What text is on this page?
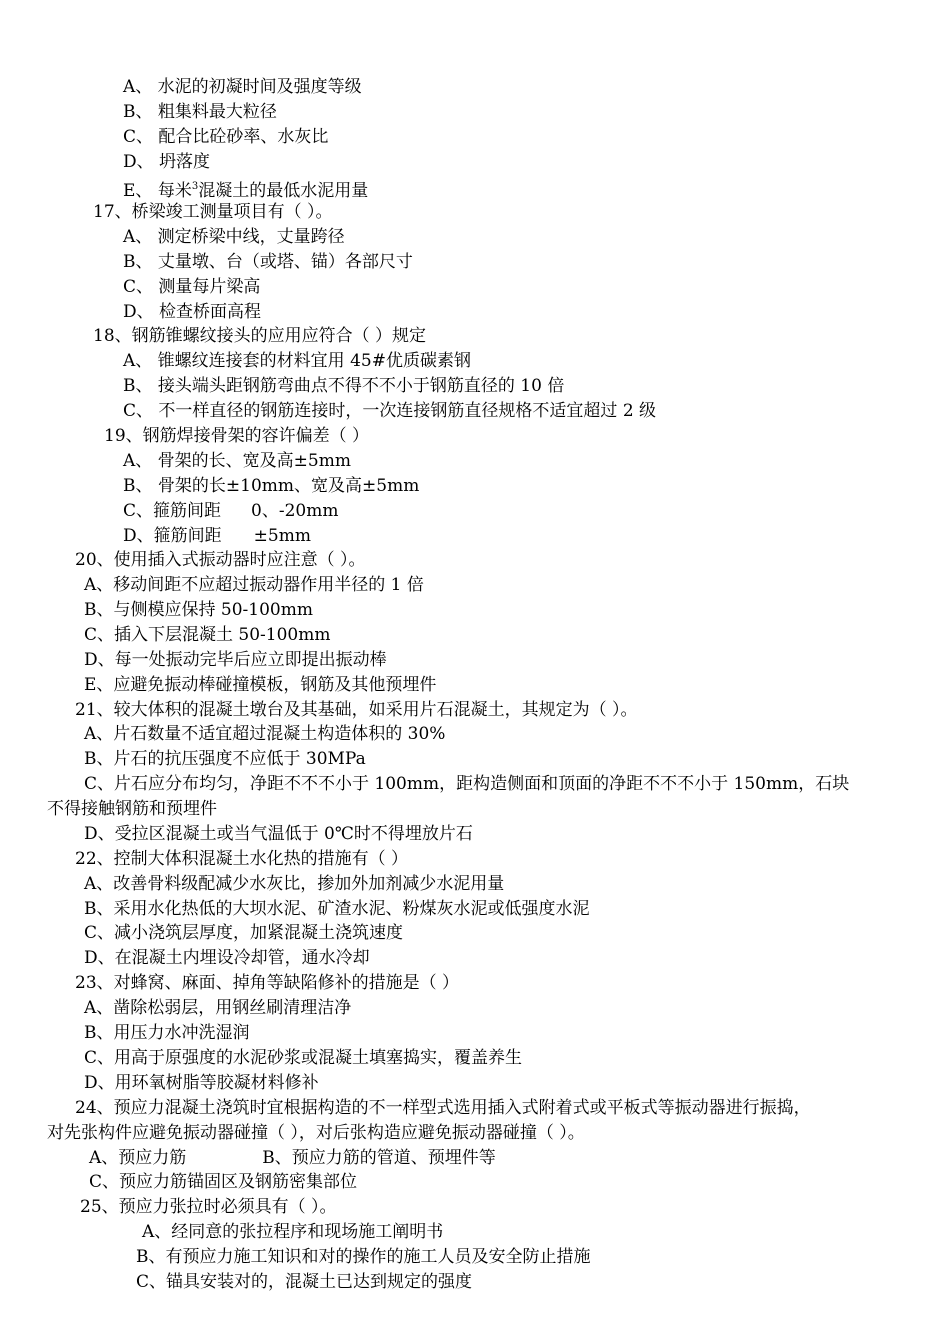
A、 水泥的初凝时间及强度等级
B、 粗集料最大粒径
C、 配合比砼砂率、水灰比
D、 坍落度
E、 每米$^3$混凝土的最低水泥用量
17、桥梁竣工测量项目有（ ）。
A、 测定桥梁中线，丈量跨径
B、 丈量墩、台（或塔、锚）各部尺寸
C、 测量每片梁高
D、 检查桥面高程
18、钢筋锥螺纹接头的应用应符合（ ）规定
A、 锥螺纹连接套的材料宜用 45#优质碳素钢
B、 接头端头距钢筋弯曲点不得不不小于钢筋直径的 10 倍
C、 不一样直径的钢筋连接时，一次连接钢筋直径规格不适宜超过 2 级
19、钢筋焊接骨架的容许偏差（ ）
A、 骨架的长、宽及高±5mm
B、 骨架的长±10mm、宽及高±5mm
C、箍筋间距 0、-20mm
D、箍筋间距 ±5mm
20、使用插入式振动器时应注意（ ）。
A、移动间距不应超过振动器作用半径的 1 倍
B、与侧模应保持 50-100mm
C、插入下层混凝土 50-100mm
D、每一处振动完毕后应立即提出振动棒
E、应避免振动棒碰撞模板，钢筋及其他预埋件
21、较大体积的混凝土墩台及其基础，如采用片石混凝土，其规定为（ ）。
A、片石数量不适宜超过混凝土构造体积的 30%
B、片石的抗压强度不应低于 30MPa
C、片石应分布均匀，净距不不不小于 100mm，距构造侧面和顶面的净距不不不小于 150mm，石块
不得接触钢筋和预埋件
D、受拉区混凝土或当气温低于 0℃时不得埋放片石
22、控制大体积混凝土水化热的措施有（ ）
A、改善骨料级配减少水灰比，掺加外加剂减少水泥用量
B、采用水化热低的大坝水泥、矿渣水泥、粉煤灰水泥或低强度水泥
C、减小浇筑层厚度，加紧混凝土浇筑速度
D、在混凝土内埋设冷却管，通水冷却
23、对蜂窝、麻面、掉角等缺陷修补的措施是（ ）
A、凿除松弱层，用钢丝刷清理洁净
B、用压力水冲洗湿润
C、用高于原强度的水泥砂浆或混凝土填塞捣实，覆盖养生
D、用环氧树脂等胶凝材料修补
24、预应力混凝土浇筑时宜根据构造的不一样型式选用插入式附着式或平板式等振动器进行振捣，
对先张构件应避免振动器碰撞（ ），对后张构造应避免振动器碰撞（ ）。
A、预应力筋	B、预应力筋的管道、预埋件等
C、预应力筋锚固区及钢筋密集部位
25、预应力张拉时必须具有（ ）。
A、经同意的张拉程序和现场施工阐明书
B、有预应力施工知识和对的操作的施工人员及安全防止措施
C、锚具安装对的，混凝土已达到规定的强度
